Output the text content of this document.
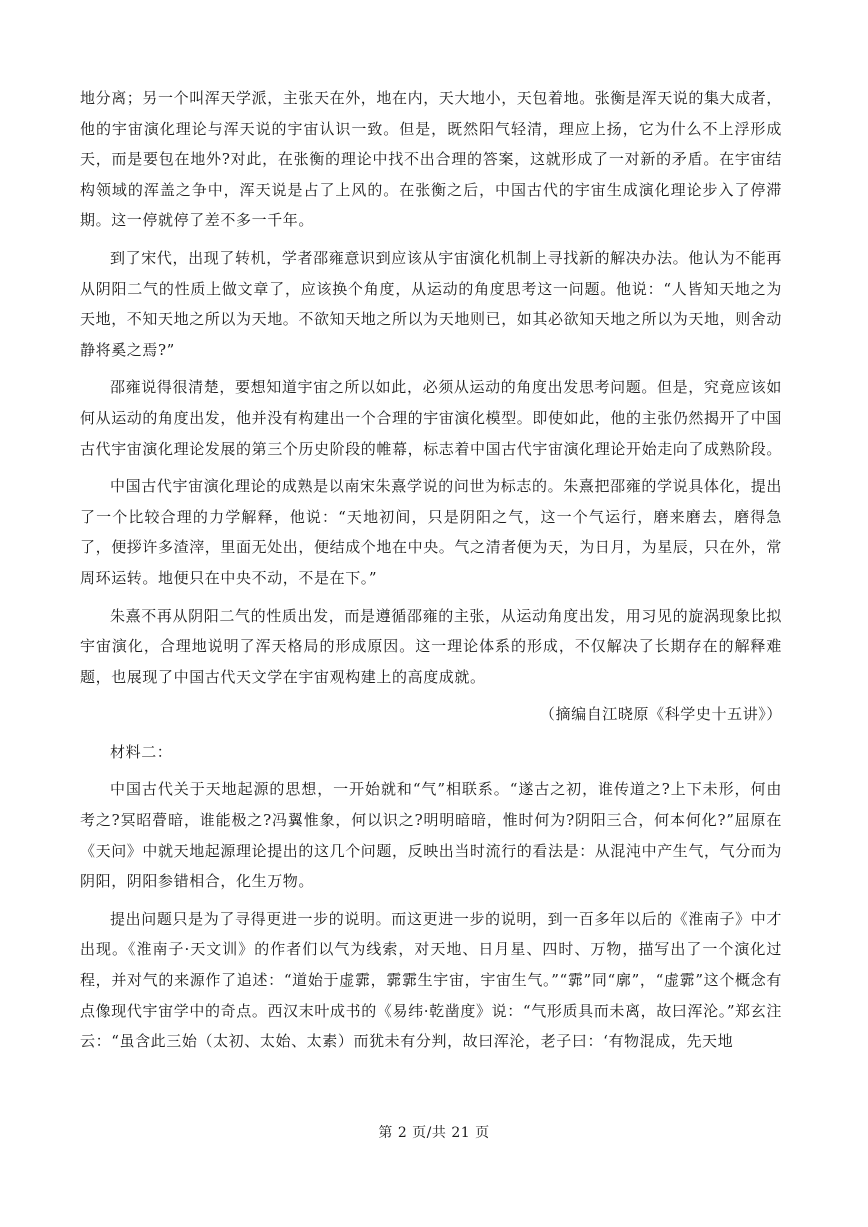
地分离；另一个叫浑天学派，主张天在外，地在内，天大地小，天包着地。张衡是浑天说的集大成者，他的宇宙演化理论与浑天说的宇宙认识一致。但是，既然阳气轻清，理应上扬，它为什么不上浮形成天，而是要包在地外?对此，在张衡的理论中找不出合理的答案，这就形成了一对新的矛盾。在宇宙结构领域的浑盖之争中，浑天说是占了上风的。在张衡之后，中国古代的宇宙生成演化理论步入了停滞期。这一停就停了差不多一千年。

到了宋代，出现了转机，学者邵雍意识到应该从宇宙演化机制上寻找新的解决办法。他认为不能再从阴阳二气的性质上做文章了，应该换个角度，从运动的角度思考这一问题。他说：“人皆知天地之为天地，不知天地之所以为天地。不欲知天地之所以为天地则已，如其必欲知天地之所以为天地，则舍动静将奚之焉?”

邵雍说得很清楚，要想知道宇宙之所以如此，必须从运动的角度出发思考问题。但是，究竟应该如何从运动的角度出发，他并没有构建出一个合理的宇宙演化模型。即使如此，他的主张仍然揭开了中国古代宇宙演化理论发展的第三个历史阶段的帷幕，标志着中国古代宇宙演化理论开始走向了成熟阶段。

中国古代宇宙演化理论的成熟是以南宋朱熹学说的问世为标志的。朱熹把邵雍的学说具体化，提出了一个比较合理的力学解释，他说：“天地初间，只是阴阳之气，这一个气运行，磨来磨去，磨得急了，便拶许多渣滓，里面无处出，便结成个地在中央。气之清者便为天，为日月，为星辰，只在外，常周环运转。地便只在中央不动，不是在下。”

朱熹不再从阴阳二气的性质出发，而是遵循邵雍的主张，从运动角度出发，用习见的旋涡现象比拟宇宙演化，合理地说明了浑天格局的形成原因。这一理论体系的形成，不仅解决了长期存在的解释难题，也展现了中国古代天文学在宇宙观构建上的高度成就。

（摘编自江晓原《科学史十五讲》）

材料二：

中国古代关于天地起源的思想，一开始就和“气”相联系。“遂古之初，谁传道之?上下未形，何由考之?冥昭瞢暗，谁能极之?冯翼惟象，何以识之?明明暗暗，惟时何为?阴阳三合，何本何化?”屈原在《天问》中就天地起源理论提出的这几个问题，反映出当时流行的看法是：从混沌中产生气，气分而为阴阳，阴阳参错相合，化生万物。

提出问题只是为了寻得更进一步的说明。而这更进一步的说明，到一百多年以后的《淮南子》中才出现。《淮南子·天文训》的作者们以气为线索，对天地、日月星、四时、万物，描写出了一个演化过程，并对气的来源作了追述：“道始于虚霩，霩霩生宇宙，宇宙生气。”“霩”同“廓”，“虚霩”这个概念有点像现代宇宙学中的奇点。西汉末叶成书的《易纬·乾凿度》说：“气形质具而未离，故曰浑沦。”郑玄注云：“虽含此三始（太初、太始、太素）而犹未有分判，故曰浑沦，老子曰：‘有物混成，先天地

第 2 页/共 21 页
